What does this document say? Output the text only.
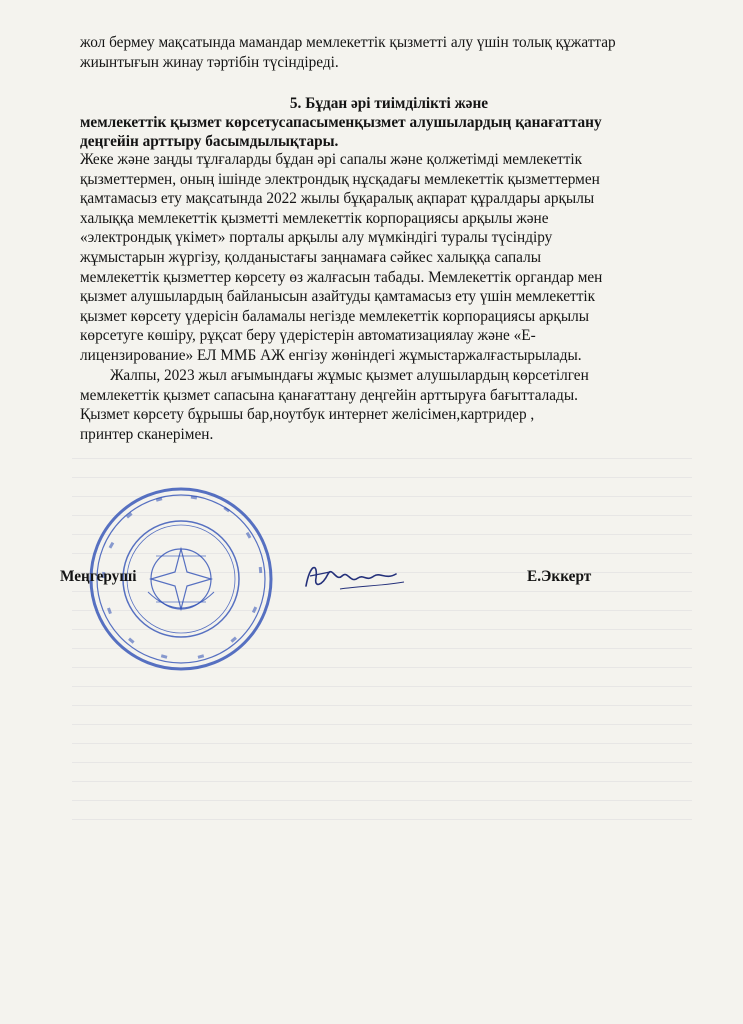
жол бермеу мақсатында мамандар мемлекеттік қызметті алу үшін толық құжаттар
жиынтығын жинау тәртібін түсіндіреді.
5. Бұдан әрі тиімділікті және
мемлекеттік қызмет көрсетусапасыменқызмет алушылардың қанағаттану
деңгейін арттыру басымдылықтары.
Жеке және заңды тұлғаларды бұдан әрі сапалы және қолжетімді мемлекеттік
қызметтермен, оның ішінде электрондық нұсқадағы мемлекеттік қызметтермен
қамтамасыз ету мақсатында 2022 жылы бұқаралық ақпарат құралдары арқылы
халыққа мемлекеттік қызметті мемлекеттік корпорациясы арқылы және
«электрондық үкімет» порталы арқылы алу мүмкіндігі туралы түсіндіру
жұмыстарын жүргізу, қолданыстағы заңнамаға сәйкес халыққа сапалы
мемлекеттік қызметтер көрсету өз жалғасын табады. Мемлекеттік органдар мен
қызмет алушылардың байланысын азайтуды қамтамасыз ету үшін мемлекеттік
қызмет көрсету үдерісін баламалы негізде мемлекеттік корпорациясы арқылы
көрсетуге көшіру, рұқсат беру үдерістерін автоматизациялау және «Е-
лицензирование» ЕЛ ММБ АЖ енгізу жөніндегі жұмыстаржалғастырылады.
Жалпы, 2023 жыл ағымындағы жұмыс қызмет алушылардың көрсетілген
мемлекеттік қызмет сапасына қанағаттану деңгейін арттыруға бағытталады.
Қызмет көрсету бұрышы бар,ноутбук интернет желісімен,картридер ,
принтер сканерімен.
Меңгеруші	Е.Эккерт
